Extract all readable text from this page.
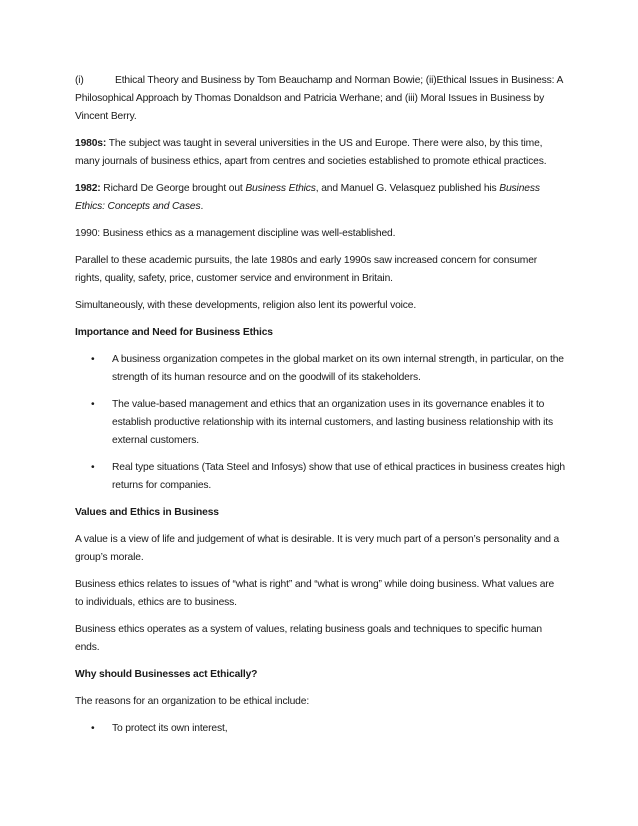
(i)	Ethical Theory and Business by Tom Beauchamp and Norman Bowie; (ii)Ethical Issues in Business: A Philosophical Approach by Thomas Donaldson and Patricia Werhane; and (iii) Moral Issues in Business by Vincent Berry.

1980s: The subject was taught in several universities in the US and Europe. There were also, by this time, many journals of business ethics, apart from centres and societies established to promote ethical practices.

1982: Richard De George brought out Business Ethics, and Manuel G. Velasquez published his Business Ethics: Concepts and Cases.

1990: Business ethics as a management discipline was well-established.

Parallel to these academic pursuits, the late 1980s and early 1990s saw increased concern for consumer rights, quality, safety, price, customer service and environment in Britain.

Simultaneously, with these developments, religion also lent its powerful voice.

Importance and Need for Business Ethics

• A business organization competes in the global market on its own internal strength, in particular, on the strength of its human resource and on the goodwill of its stakeholders.
• The value-based management and ethics that an organization uses in its governance enables it to establish productive relationship with its internal customers, and lasting business relationship with its external customers.
• Real type situations (Tata Steel and Infosys) show that use of ethical practices in business creates high returns for companies.

Values and Ethics in Business

A value is a view of life and judgement of what is desirable. It is very much part of a person’s personality and a group’s morale.

Business ethics relates to issues of “what is right” and “what is wrong” while doing business. What values are to individuals, ethics are to business.

Business ethics operates as a system of values, relating business goals and techniques to specific human ends.

Why should Businesses act Ethically?

The reasons for an organization to be ethical include:

• To protect its own interest,
